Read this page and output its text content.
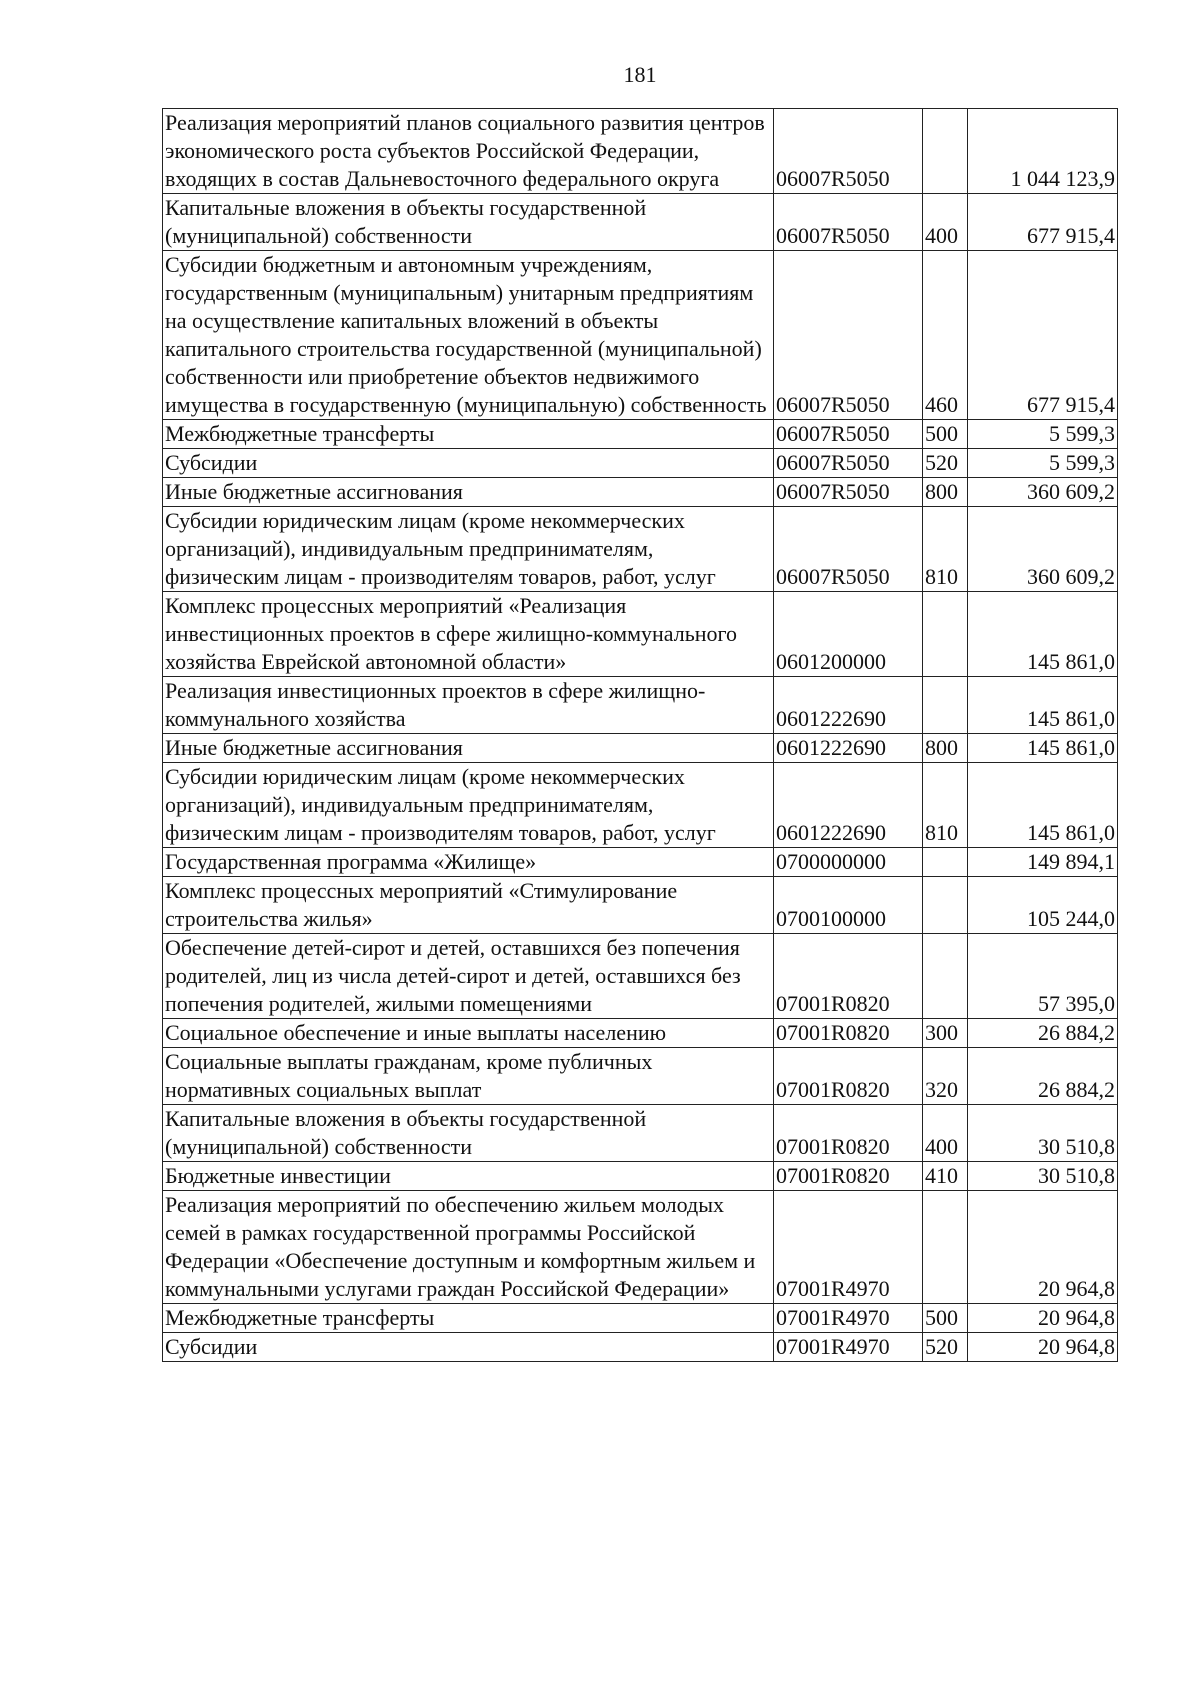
181
Реализация мероприятий планов социального развития центров экономического роста субъектов Российской Федерации, входящих в состав Дальневосточного федерального округа	06007R5050		1 044 123,9
Капитальные вложения в объекты государственной (муниципальной) собственности	06007R5050	400	677 915,4
Субсидии бюджетным и автономным учреждениям, государственным (муниципальным) унитарным предприятиям на осуществление капитальных вложений в объекты капитального строительства государственной (муниципальной) собственности или приобретение объектов недвижимого имущества в государственную (муниципальную) собственность	06007R5050	460	677 915,4
Межбюджетные трансферты	06007R5050	500	5 599,3
Субсидии	06007R5050	520	5 599,3
Иные бюджетные ассигнования	06007R5050	800	360 609,2
Субсидии юридическим лицам (кроме некоммерческих организаций), индивидуальным предпринимателям, физическим лицам - производителям товаров, работ, услуг	06007R5050	810	360 609,2
Комплекс процессных мероприятий «Реализация инвестиционных проектов в сфере жилищно-коммунального хозяйства Еврейской автономной области»	0601200000		145 861,0
Реализация инвестиционных проектов в сфере жилищно-коммунального хозяйства	0601222690		145 861,0
Иные бюджетные ассигнования	0601222690	800	145 861,0
Субсидии юридическим лицам (кроме некоммерческих организаций), индивидуальным предпринимателям, физическим лицам - производителям товаров, работ, услуг	0601222690	810	145 861,0
Государственная программа «Жилище»	0700000000		149 894,1
Комплекс процессных мероприятий «Стимулирование строительства жилья»	0700100000		105 244,0
Обеспечение детей-сирот и детей, оставшихся без попечения родителей, лиц из числа детей-сирот и детей, оставшихся без попечения родителей, жилыми помещениями	07001R0820		57 395,0
Социальное обеспечение и иные выплаты населению	07001R0820	300	26 884,2
Социальные выплаты гражданам, кроме публичных нормативных социальных выплат	07001R0820	320	26 884,2
Капитальные вложения в объекты государственной (муниципальной) собственности	07001R0820	400	30 510,8
Бюджетные инвестиции	07001R0820	410	30 510,8
Реализация мероприятий по обеспечению жильем молодых семей в рамках государственной программы Российской Федерации «Обеспечение доступным и комфортным жильем и коммунальными услугами граждан Российской Федерации»	07001R4970		20 964,8
Межбюджетные трансферты	07001R4970	500	20 964,8
Субсидии	07001R4970	520	20 964,8
